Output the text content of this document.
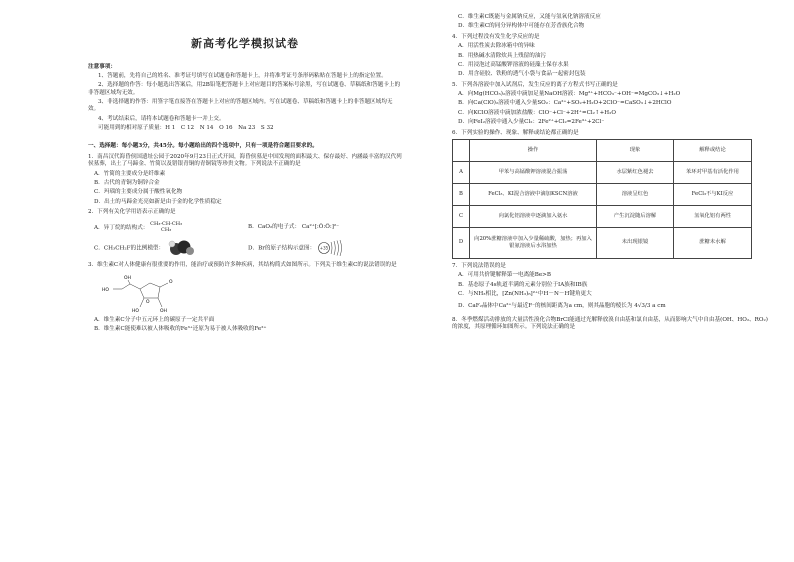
新高考化学模拟试卷

注意事项：

1、答题前，先将自己的姓名、准考证号填写在试题卷和答题卡上，并将准考证号条形码粘贴在答题卡上的指定位置。

2、选择题的作答：每小题选出答案后，用2B铅笔把答题卡上对应题目的答案标号涂黑，写在试题卷、草稿纸和答题卡上的非答题区域均无效。

3、非选择题的作答：用签字笔直接答在答题卡上对应的答题区域内。写在试题卷、草稿纸和答题卡上的非答题区域均无效。

4、考试结束后，请将本试题卷和答题卡一并上交。

可能用到的相对原子质量：H 1　C 12　N 14　O 16　Na 23　S 32

一、选择题：每小题3分，共45分。每小题给出的四个选项中，只有一项是符合题目要求的。

1．南昌汉代海昏侯国遗址公园于2020年9月23日正式开园，海昏侯墓是中国发现的面积最大、保存最好、内涵最丰富的汉代列侯墓葬，出土了马蹄金、竹简以及错银青铜的青铜镜等珍贵文物。下列说法不正确的是

A．竹简的主要成分是纤维素

B．古代的青铜为铜锌合金

C．玛瑙的主要成分属于酸性氧化物

D．出土的马蹄金光亮如新是由于金的化学性质稳定

2．下列有关化学用语表示正确的是

A．异丁烷的结构式： CH₃-CH-CH₃
CH₃	B．CaO₂的电子式： Ca²⁺[:Ö:Ö:]²⁻
C．CH₃CH₂F的比例模型：	D．Br的原子结构示意图： +35

3．维生素C对人体健康有很重要的作用，能治疗或预防许多种疾病，其结构简式如图所示。下列关于维生素C的说法错误的是

HO
OH
O
O
HO	OH

A．维生素C分子中五元环上的碳原子一定共平面

B．维生素C能使难以被人体吸收的Fe³⁺还原为易于被人体吸收的Fe²⁺

C．维生素C既能与金属钠反应，又能与氢氧化钠溶液反应

D．维生素C的同分异构体中可能存在芳香族化合物

4．下列过程没有发生化学反应的是

A．用活性炭去除冰箱中的异味

B．用热碱水清除炊具上残留的油污

C．用浸泡过高锰酸钾溶液的硅藻土保存水果

D．用含硅胶、铁粉的透气小袋与食品一起密封包装

5．下列各溶液中加入试剂后，发生反应的离子方程式书写正确的是

A．向Mg(HCO₃)₂溶液中滴加足量NaOH溶液：Mg²⁺+HCO₃⁻+OH⁻=MgCO₃↓+H₂O

B．向Ca(ClO)₂溶液中通入少量SO₂：Ca²⁺+SO₂+H₂O+2ClO⁻=CaSO₃↓+2HClO

C．向KClO溶液中滴加浓盐酸：ClO⁻+Cl⁻+2H⁺=Cl₂↑+H₂O

D．向FeI₂溶液中通入少量Cl₂：2Fe²⁺+Cl₂=2Fe³⁺+2Cl⁻

6．下列实验的操作、现象、解释或结论都正确的是

	操作	现象	解释或结论
A	甲苯与高锰酸钾溶液混合振荡	水层紫红色褪去	苯环对甲基有活化作用
B	FeCl₃、KI混合溶液中滴加KSCN溶液	溶液呈红色	FeCl₃不与KI反应
C	向氯化铝溶液中逐滴加入氨水	产生沉淀随后溶解	氢氧化铝有两性
D	向20%蔗糖溶液中加入少量稀硫酸，加热；再加入银氨溶液后水浴加热	未出现银镜	蔗糖未水解

7．下列说法错误的是

A．可用共价键解释第一电离能Be>B

B．基态原子4s轨道半满的元素分别位于IA族和IB族

C．与NH₃相比，[Zn(NH₃)₆]²⁺中H－N－H键角更大

D．CaF₂晶体中Ca²⁺与最近F⁻的核间距离为a cm，则其晶胞的棱长为 4√3/3 a cm

8．冬季燃煤活动排放的大量活性溴化合物BrCl能通过光解释放溴自由基和氯自由基，从而影响大气中自由基(OH、HO₂、RO₂)的浓度，其原理循环如图所示。下列说法正确的是
